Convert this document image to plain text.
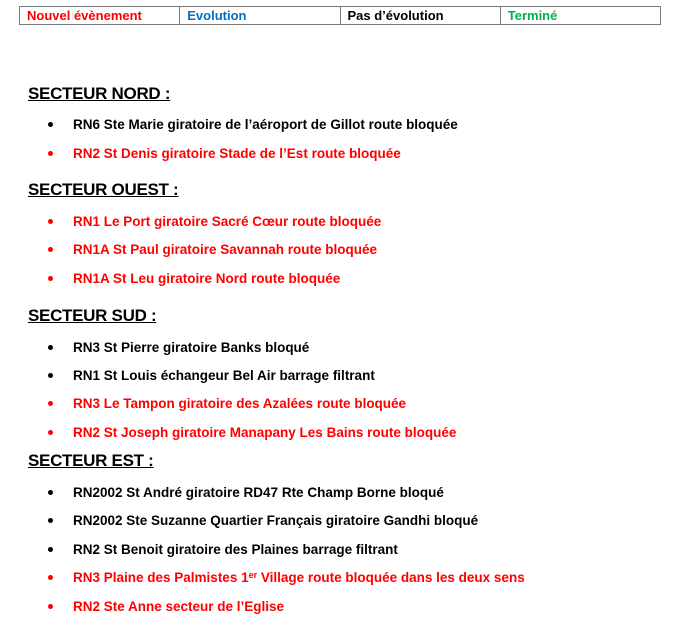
Nouvel évènement	Evolution	Pas d’évolution	Terminé
SECTEUR NORD :
RN6 Ste Marie giratoire de l’aéroport de Gillot route bloquée
RN2 St Denis giratoire Stade de l’Est route bloquée
SECTEUR OUEST :
RN1 Le Port giratoire Sacré Cœur route bloquée
RN1A St Paul giratoire Savannah route bloquée
RN1A St Leu giratoire Nord route bloquée
SECTEUR SUD :
RN3 St Pierre giratoire Banks bloqué
RN1 St Louis échangeur Bel Air barrage filtrant
RN3 Le Tampon giratoire des Azalées route bloquée
RN2 St Joseph giratoire Manapany Les Bains route bloquée
SECTEUR EST :
RN2002 St André giratoire RD47 Rte Champ Borne bloqué
RN2002 Ste Suzanne Quartier Français giratoire Gandhi bloqué
RN2 St Benoit giratoire des Plaines barrage filtrant
RN3 Plaine des Palmistes 1er Village route bloquée dans les deux sens
RN2 Ste Anne secteur de l’Eglise
